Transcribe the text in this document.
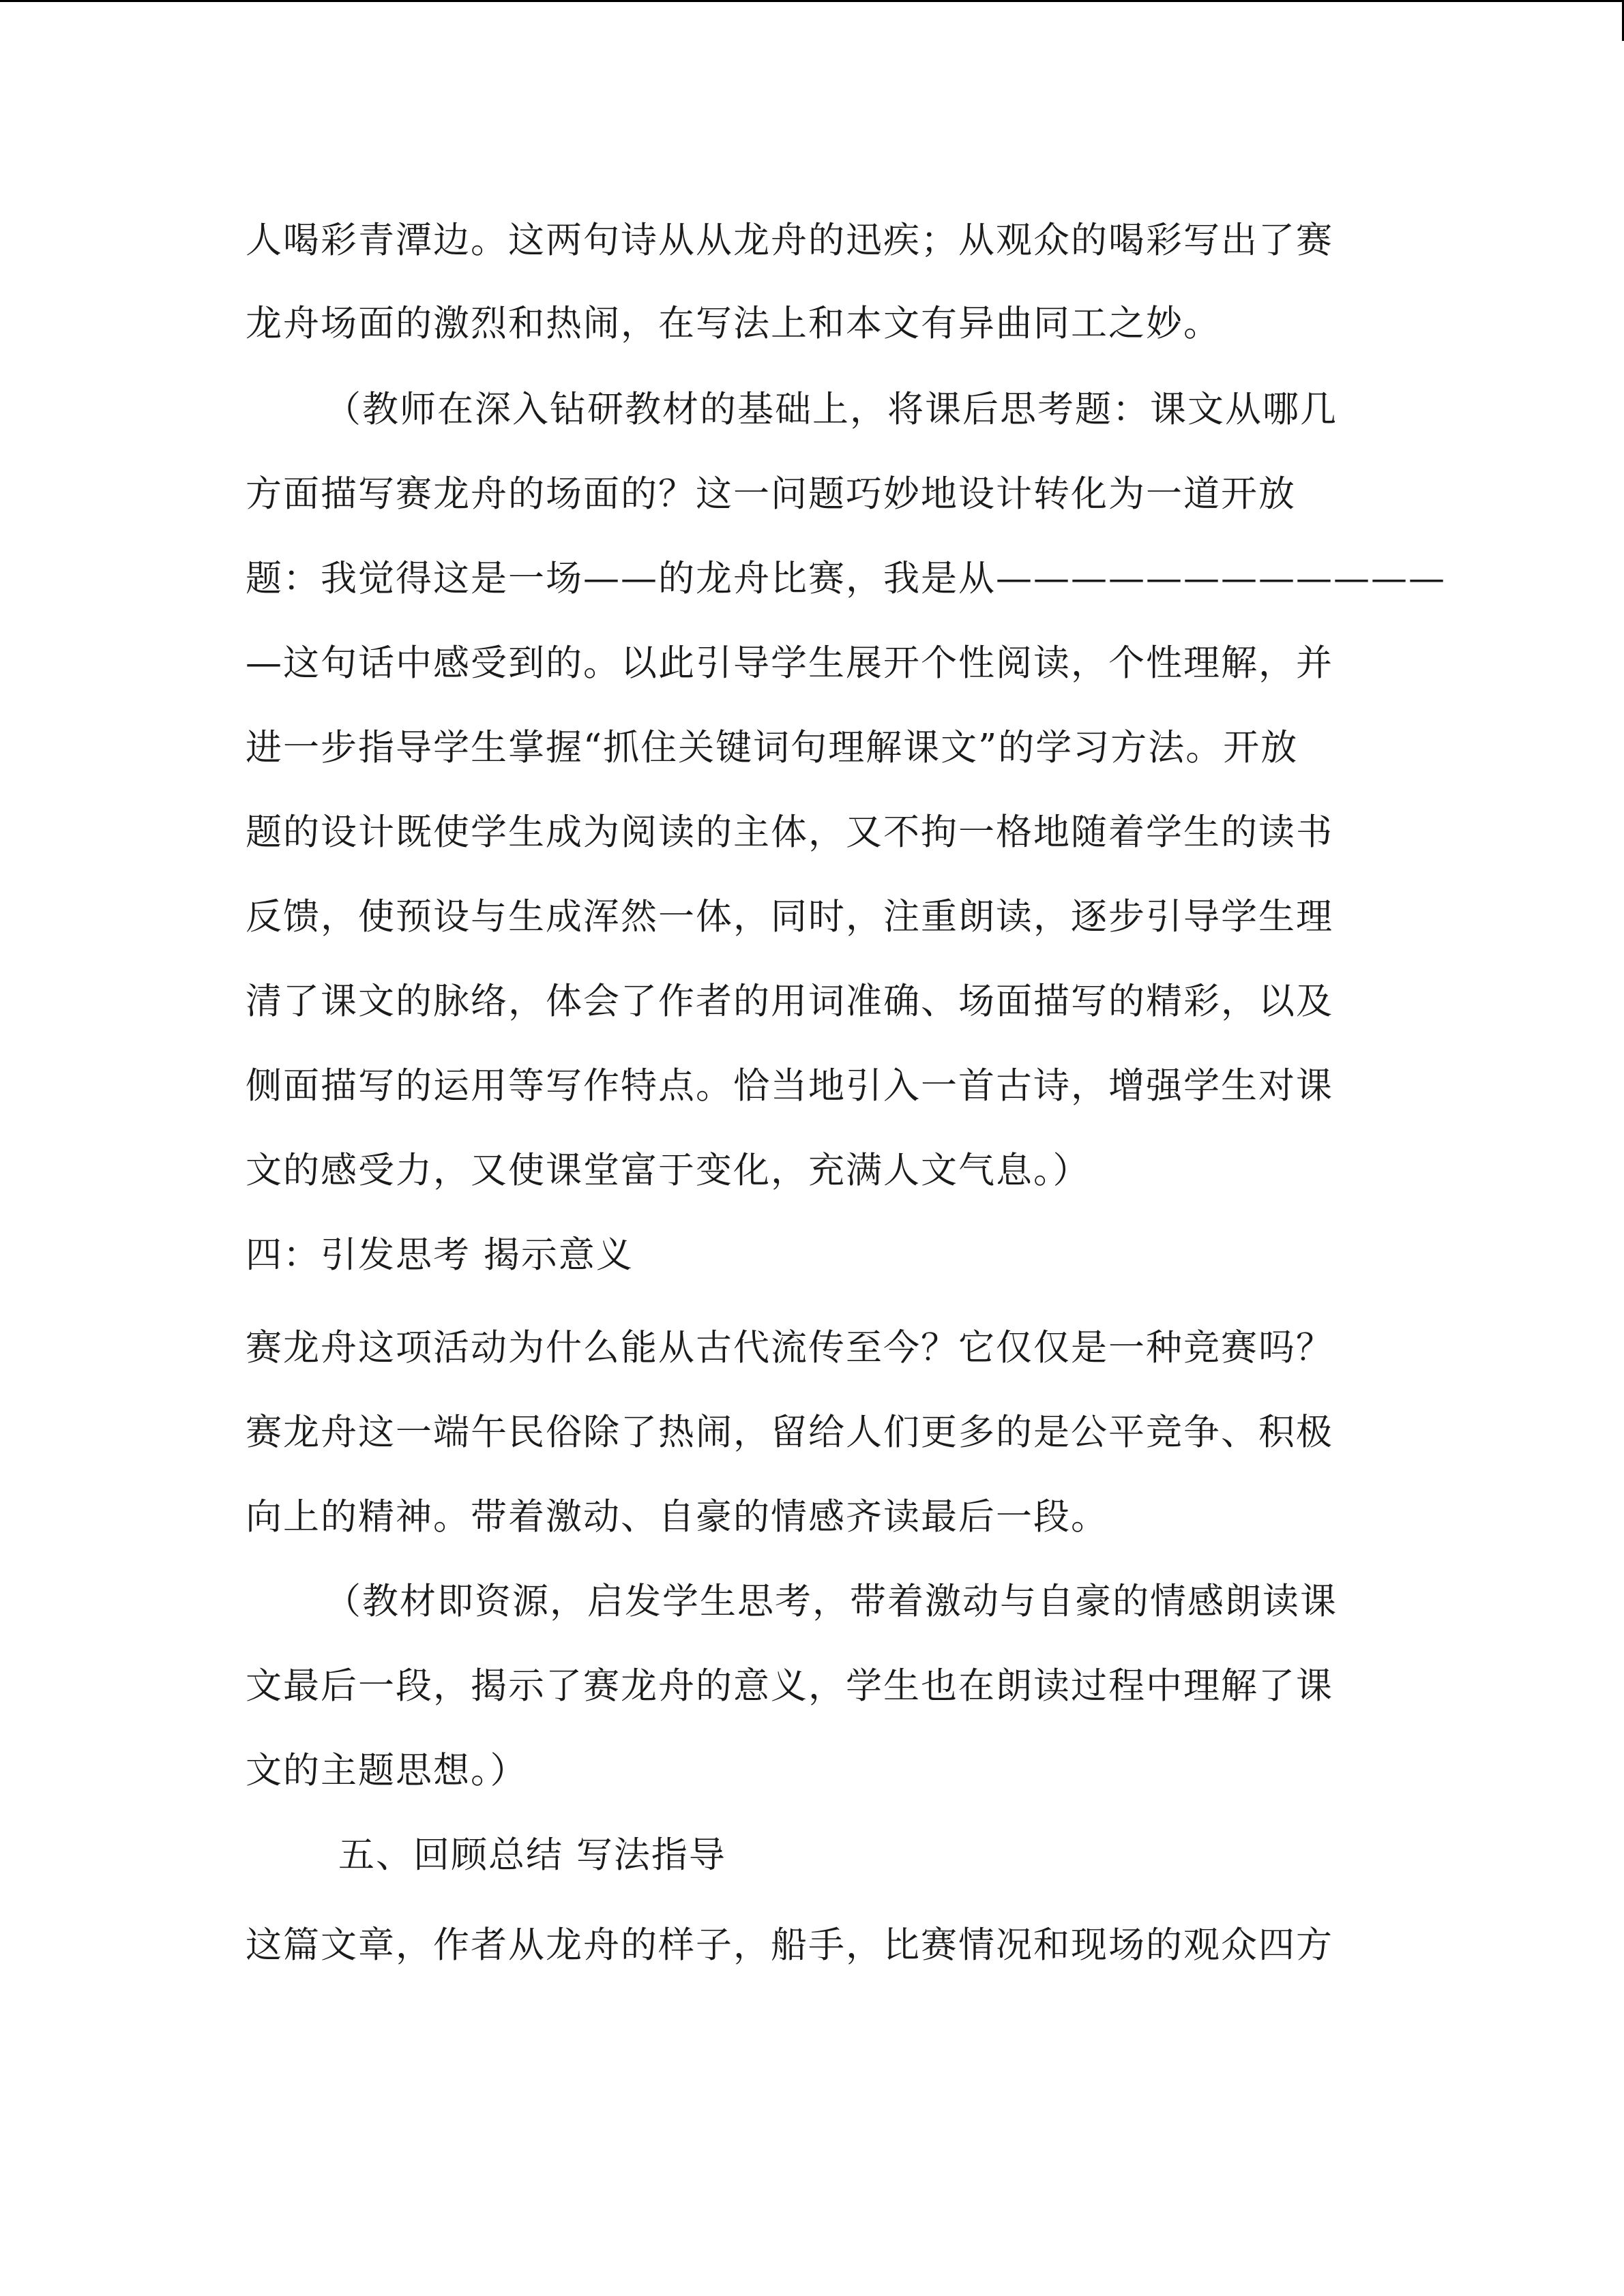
人喝彩青潭边。这两句诗从从龙舟的迅疾；从观众的喝彩写出了赛
龙舟场面的激烈和热闹，在写法上和本文有异曲同工之妙。
（教师在深入钻研教材的基础上，将课后思考题：课文从哪几
方面描写赛龙舟的场面的？这一问题巧妙地设计转化为一道开放
题：我觉得这是一场——的龙舟比赛，我是从————————————
—这句话中感受到的。以此引导学生展开个性阅读，个性理解，并
进一步指导学生掌握“抓住关键词句理解课文”的学习方法。开放
题的设计既使学生成为阅读的主体，又不拘一格地随着学生的读书
反馈，使预设与生成浑然一体，同时，注重朗读，逐步引导学生理
清了课文的脉络，体会了作者的用词准确、场面描写的精彩，以及
侧面描写的运用等写作特点。恰当地引入一首古诗，增强学生对课
文的感受力，又使课堂富于变化，充满人文气息。）
四：引发思考 揭示意义
赛龙舟这项活动为什么能从古代流传至今？它仅仅是一种竞赛吗？
赛龙舟这一端午民俗除了热闹，留给人们更多的是公平竞争、积极
向上的精神。带着激动、自豪的情感齐读最后一段。
（教材即资源，启发学生思考，带着激动与自豪的情感朗读课
文最后一段，揭示了赛龙舟的意义，学生也在朗读过程中理解了课
文的主题思想。）
五、回顾总结 写法指导
这篇文章，作者从龙舟的样子，船手，比赛情况和现场的观众四方
